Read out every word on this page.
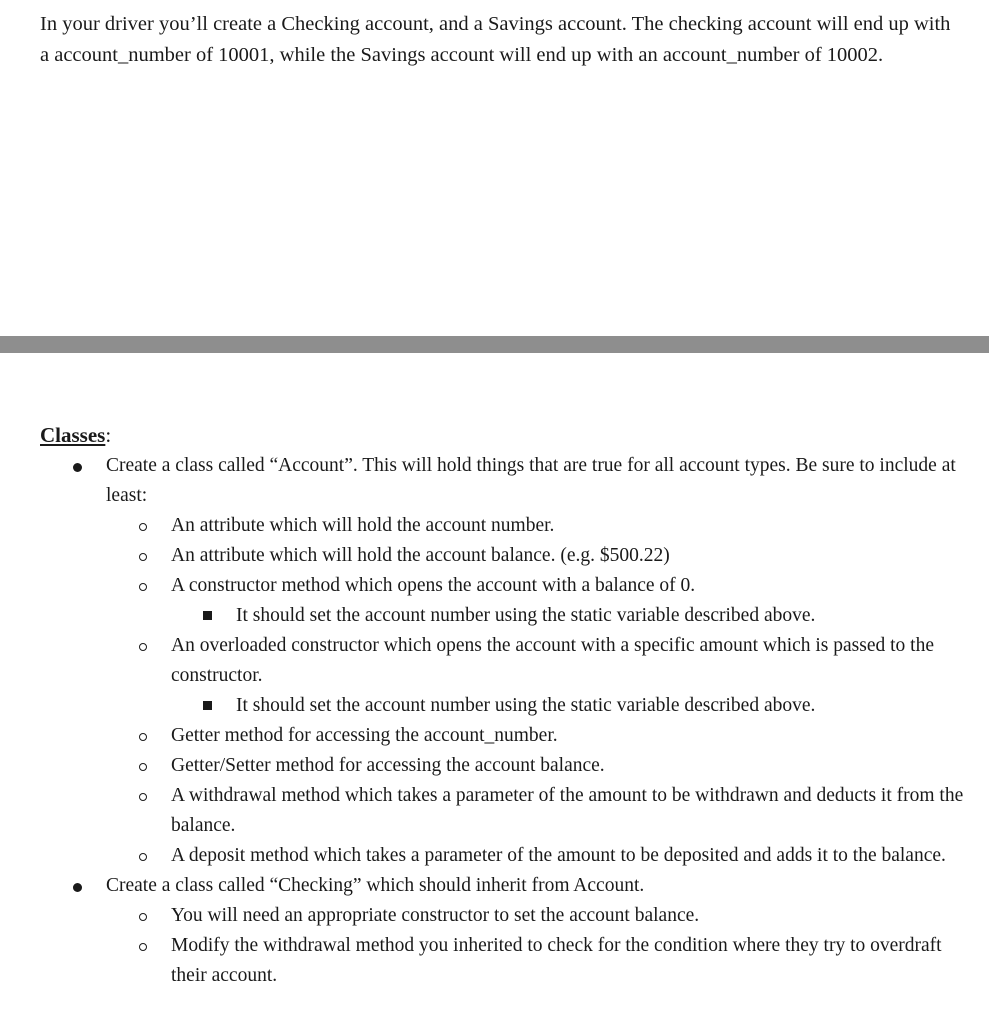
In your driver you’ll create a Checking account, and a Savings account. The checking account will end up with a account_number of 10001, while the Savings account will end up with an account_number of 10002.

Classes:

Create a class called “Account”. This will hold things that are true for all account types. Be sure to include at least:
An attribute which will hold the account number.
An attribute which will hold the account balance. (e.g. $500.22)
A constructor method which opens the account with a balance of 0.
It should set the account number using the static variable described above.
An overloaded constructor which opens the account with a specific amount which is passed to the constructor.
It should set the account number using the static variable described above.
Getter method for accessing the account_number.
Getter/Setter method for accessing the account balance.
A withdrawal method which takes a parameter of the amount to be withdrawn and deducts it from the balance.
A deposit method which takes a parameter of the amount to be deposited and adds it to the balance.
Create a class called “Checking” which should inherit from Account.
You will need an appropriate constructor to set the account balance.
Modify the withdrawal method you inherited to check for the condition where they try to overdraft their account.
